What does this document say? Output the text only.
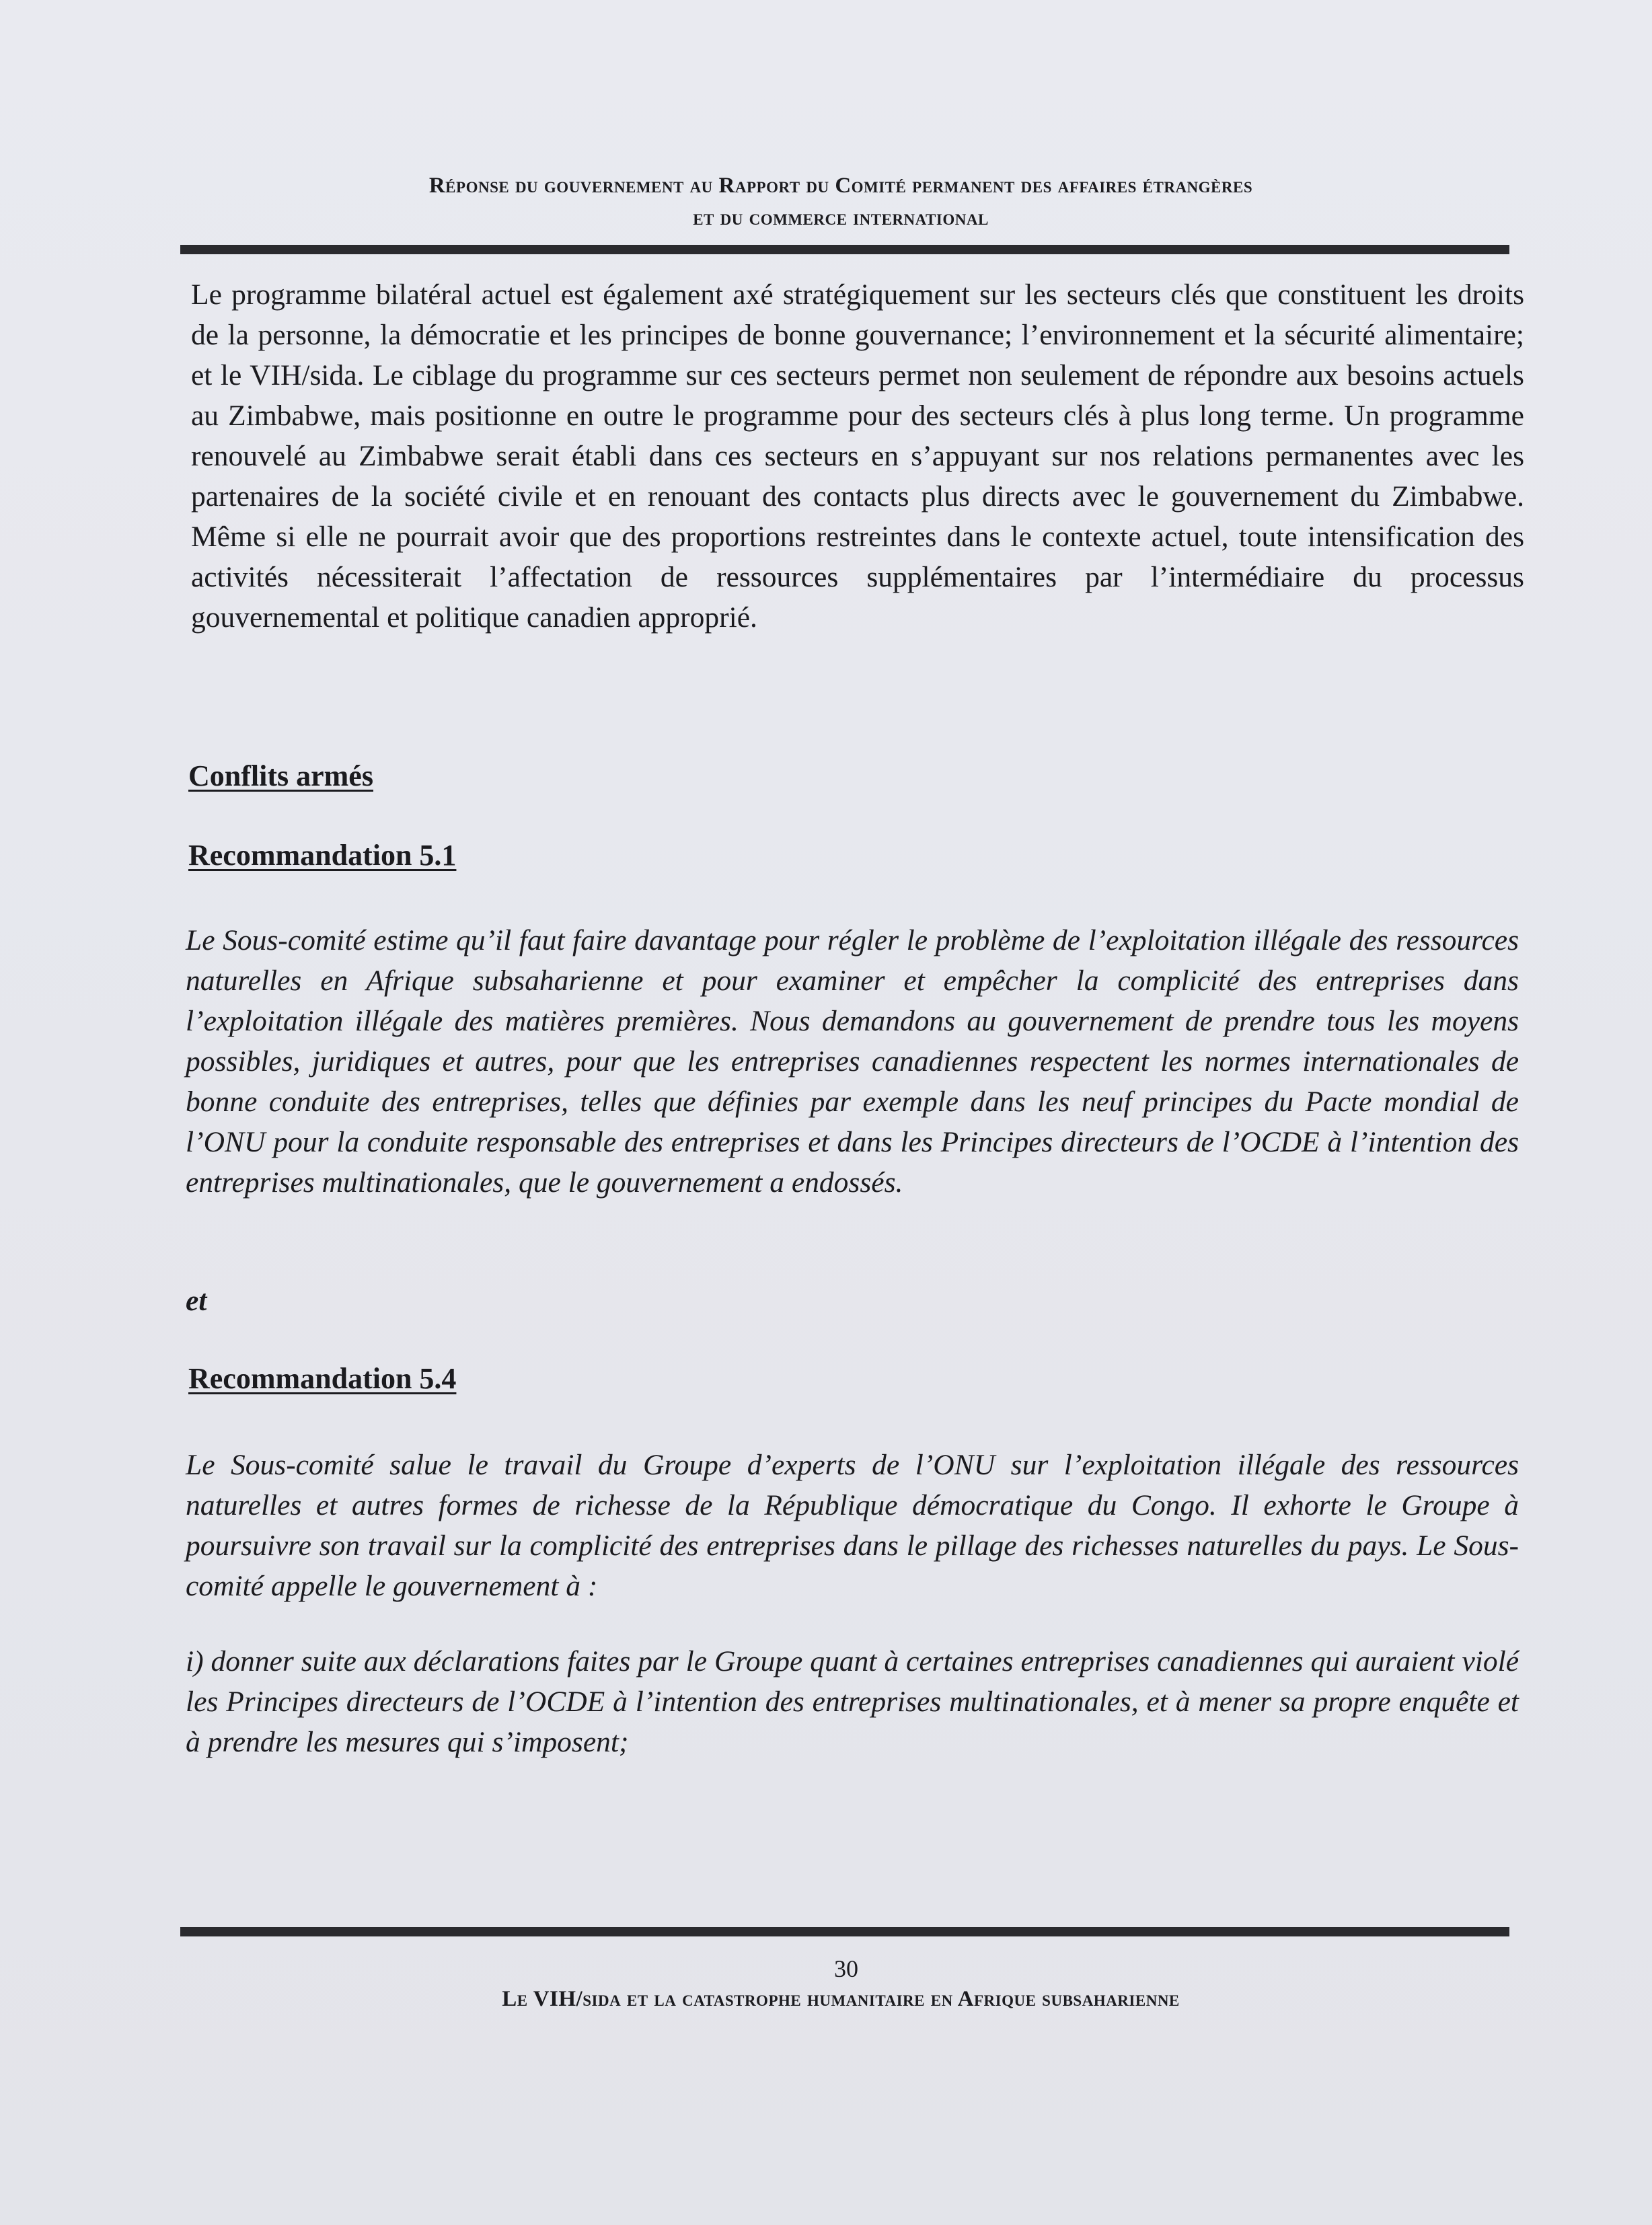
Réponse du gouvernement au Rapport du Comité permanent des affaires étrangères
et du commerce international
Le programme bilatéral actuel est également axé stratégiquement sur les secteurs clés que constituent les droits de la personne, la démocratie et les principes de bonne gouvernance; l’environnement et la sécurité alimentaire; et le VIH/sida. Le ciblage du programme sur ces secteurs permet non seulement de répondre aux besoins actuels au Zimbabwe, mais positionne en outre le programme pour des secteurs clés à plus long terme. Un programme renouvelé au Zimbabwe serait établi dans ces secteurs en s’appuyant sur nos relations permanentes avec les partenaires de la société civile et en renouant des contacts plus directs avec le gouvernement du Zimbabwe. Même si elle ne pourrait avoir que des proportions restreintes dans le contexte actuel, toute intensification des activités nécessiterait l’affectation de ressources supplémentaires par l’intermédiaire du processus gouvernemental et politique canadien approprié.
Conflits armés
Recommandation 5.1
Le Sous-comité estime qu’il faut faire davantage pour régler le problème de l’exploitation illégale des ressources naturelles en Afrique subsaharienne et pour examiner et empêcher la complicité des entreprises dans l’exploitation illégale des matières premières. Nous demandons au gouvernement de prendre tous les moyens possibles, juridiques et autres, pour que les entreprises canadiennes respectent les normes internationales de bonne conduite des entreprises, telles que définies par exemple dans les neuf principes du Pacte mondial de l’ONU pour la conduite responsable des entreprises et dans les Principes directeurs de l’OCDE à l’intention des entreprises multinationales, que le gouvernement a endossés.
et
Recommandation 5.4
Le Sous-comité salue le travail du Groupe d’experts de l’ONU sur l’exploitation illégale des ressources naturelles et autres formes de richesse de la République démocratique du Congo. Il exhorte le Groupe à poursuivre son travail sur la complicité des entreprises dans le pillage des richesses naturelles du pays. Le Sous-comité appelle le gouvernement à :
i) donner suite aux déclarations faites par le Groupe quant à certaines entreprises canadiennes qui auraient violé les Principes directeurs de l’OCDE à l’intention des entreprises multinationales, et à mener sa propre enquête et à prendre les mesures qui s’imposent;
30
Le VIH/sida et la catastrophe humanitaire en Afrique subsaharienne
